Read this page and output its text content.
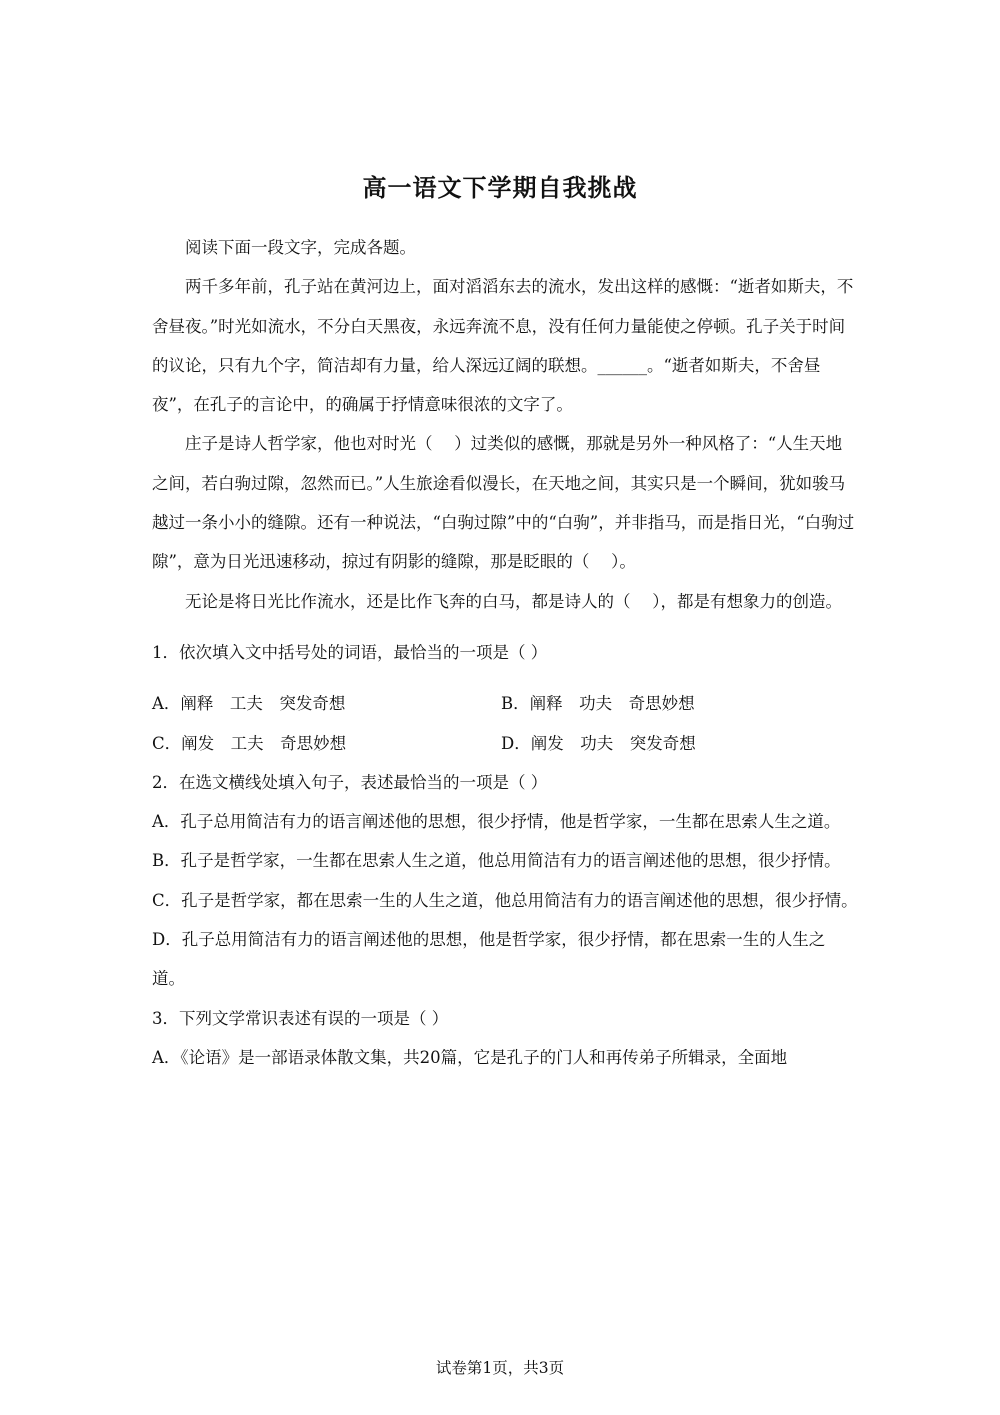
高一语文下学期自我挑战

阅读下面一段文字，完成各题。

两千多年前，孔子站在黄河边上，面对滔滔东去的流水，发出这样的感慨：“逝者如斯夫，不舍昼夜。”时光如流水，不分白天黑夜，永远奔流不息，没有任何力量能使之停顿。孔子关于时间的议论，只有九个字，简洁却有力量，给人深远辽阔的联想。______。“逝者如斯夫，不舍昼夜”，在孔子的言论中，的确属于抒情意味很浓的文字了。

庄子是诗人哲学家，他也对时光（　 ）过类似的感慨，那就是另外一种风格了：“人生天地之间，若白驹过隙，忽然而已。”人生旅途看似漫长，在天地之间，其实只是一个瞬间，犹如骏马越过一条小小的缝隙。还有一种说法，“白驹过隙”中的“白驹”，并非指马，而是指日光，“白驹过隙”，意为日光迅速移动，掠过有阴影的缝隙，那是眨眼的（　 ）。

无论是将日光比作流水，还是比作飞奔的白马，都是诗人的（　 ），都是有想象力的创造。

1．依次填入文中括号处的词语，最恰当的一项是（ ）

A．阐释　工夫　突发奇想	B．阐释　功夫　奇思妙想
C．阐发　工夫　奇思妙想	D．阐发　功夫　突发奇想

2．在选文横线处填入句子，表述最恰当的一项是（ ）

A．孔子总用简洁有力的语言阐述他的思想，很少抒情，他是哲学家，一生都在思索人生之道。

B．孔子是哲学家，一生都在思索人生之道，他总用简洁有力的语言阐述他的思想，很少抒情。

C．孔子是哲学家，都在思索一生的人生之道，他总用简洁有力的语言阐述他的思想，很少抒情。

D．孔子总用简洁有力的语言阐述他的思想，他是哲学家，很少抒情，都在思索一生的人生之道。

3．下列文学常识表述有误的一项是（ ）

A．《论语》是一部语录体散文集，共20篇，它是孔子的门人和再传弟子所辑录，全面地

试卷第1页，共3页
